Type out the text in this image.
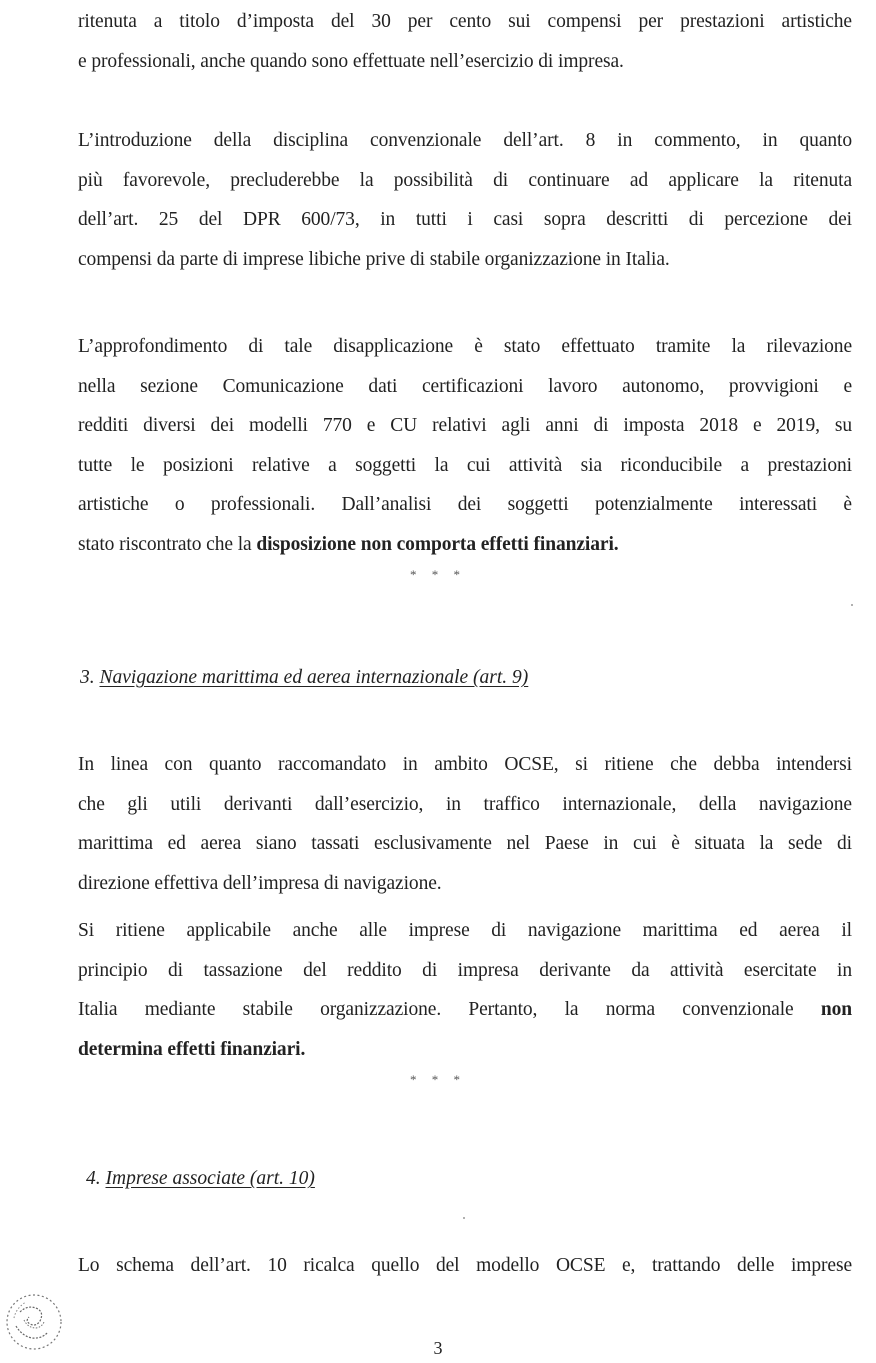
ritenuta a titolo d’imposta del 30 per cento sui compensi per prestazioni artistiche
e professionali, anche quando sono effettuate nell’esercizio di impresa.
L’introduzione della disciplina convenzionale dell’art. 8 in commento, in quanto
più favorevole, precluderebbe la possibilità di continuare ad applicare la ritenuta
dell’art. 25 del DPR 600/73, in tutti i casi sopra descritti di percezione dei
compensi da parte di imprese libiche prive di stabile organizzazione in Italia.
L’approfondimento di tale disapplicazione è stato effettuato tramite la rilevazione
nella sezione Comunicazione dati certificazioni lavoro autonomo, provvigioni e
redditi diversi dei modelli 770 e CU relativi agli anni di imposta 2018 e 2019, su
tutte le posizioni relative a soggetti la cui attività sia riconducibile a prestazioni
artistiche o professionali. Dall’analisi dei soggetti potenzialmente interessati è
stato riscontrato che la disposizione non comporta effetti finanziari.
* * *
3. Navigazione marittima ed aerea internazionale (art. 9)
In linea con quanto raccomandato in ambito OCSE, si ritiene che debba intendersi
che gli utili derivanti dall’esercizio, in traffico internazionale, della navigazione
marittima ed aerea siano tassati esclusivamente nel Paese in cui è situata la sede di
direzione effettiva dell’impresa di navigazione.
Si ritiene applicabile anche alle imprese di navigazione marittima ed aerea il
principio di tassazione del reddito di impresa derivante da attività esercitate in
Italia mediante stabile organizzazione. Pertanto, la norma convenzionale non
determina effetti finanziari.
* * *
4. Imprese associate (art. 10)
Lo schema dell’art. 10 ricalca quello del modello OCSE e, trattando delle imprese
3
